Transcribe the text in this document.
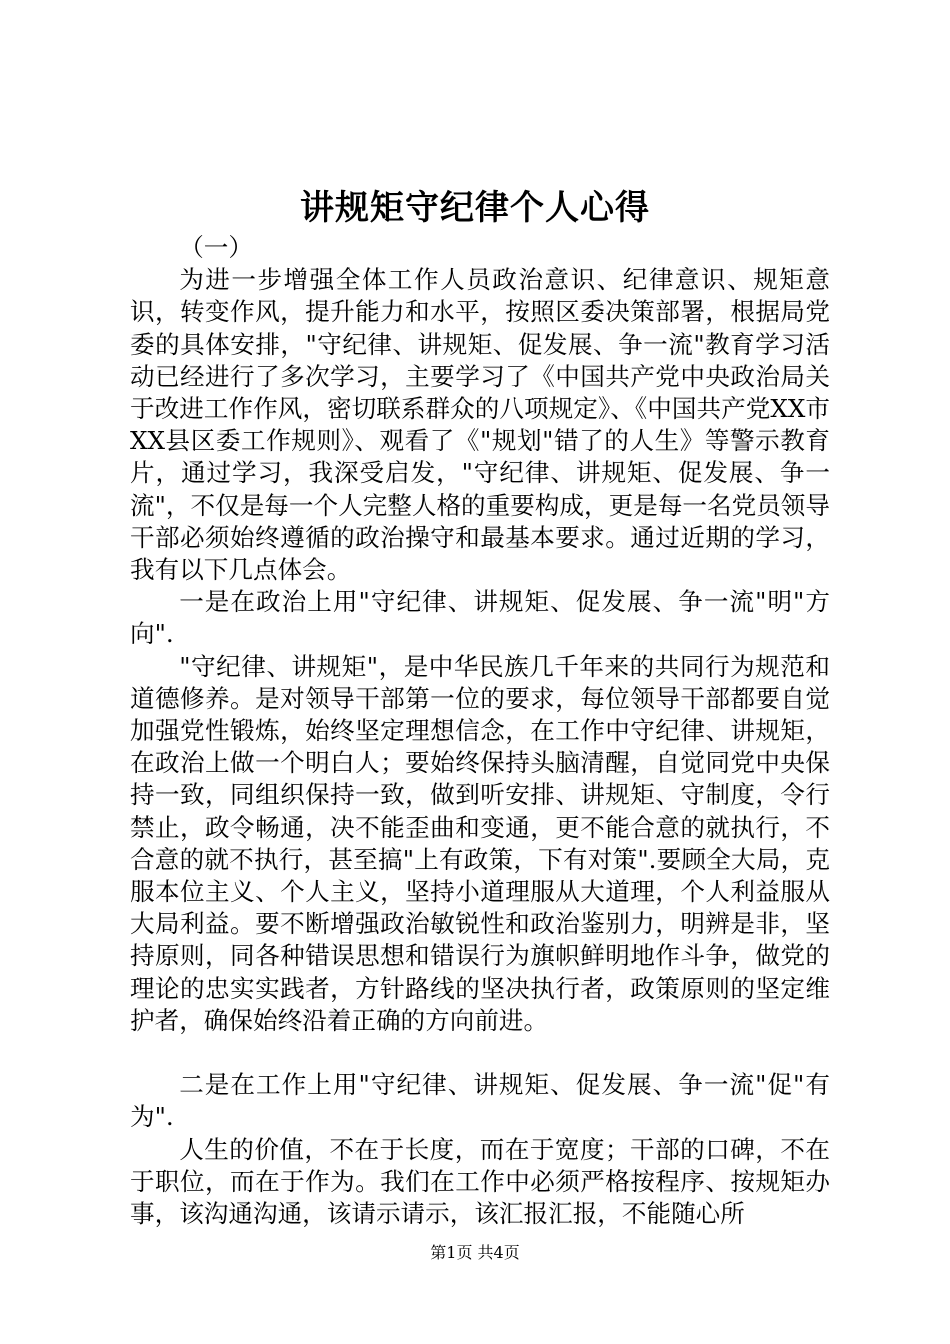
讲规矩守纪律个人心得

（一）

为进一步增强全体工作人员政治意识、纪律意识、规矩意识，转变作风，提升能力和水平，按照区委决策部署，根据局党委的具体安排，"守纪律、讲规矩、促发展、争一流"教育学习活动已经进行了多次学习，主要学习了《中国共产党中央政治局关于改进工作作风，密切联系群众的八项规定》、《中国共产党XX市XX县区委工作规则》、观看了《"规划"错了的人生》等警示教育片，通过学习，我深受启发，"守纪律、讲规矩、促发展、争一流"，不仅是每一个人完整人格的重要构成，更是每一名党员领导干部必须始终遵循的政治操守和最基本要求。通过近期的学习，我有以下几点体会。

一是在政治上用"守纪律、讲规矩、促发展、争一流"明"方向".

"守纪律、讲规矩"，是中华民族几千年来的共同行为规范和道德修养。是对领导干部第一位的要求，每位领导干部都要自觉加强党性锻炼，始终坚定理想信念，在工作中守纪律、讲规矩，在政治上做一个明白人；要始终保持头脑清醒，自觉同党中央保持一致，同组织保持一致，做到听安排、讲规矩、守制度，令行禁止，政令畅通，决不能歪曲和变通，更不能合意的就执行，不合意的就不执行，甚至搞"上有政策，下有对策".要顾全大局，克服本位主义、个人主义，坚持小道理服从大道理，个人利益服从大局利益。要不断增强政治敏锐性和政治鉴别力，明辨是非，坚持原则，同各种错误思想和错误行为旗帜鲜明地作斗争，做党的理论的忠实实践者，方针路线的坚决执行者，政策原则的坚定维护者，确保始终沿着正确的方向前进。

二是在工作上用"守纪律、讲规矩、促发展、争一流"促"有为".

人生的价值，不在于长度，而在于宽度；干部的口碑，不在于职位，而在于作为。我们在工作中必须严格按程序、按规矩办事，该沟通沟通，该请示请示，该汇报汇报，不能随心所

第1页 共4页
